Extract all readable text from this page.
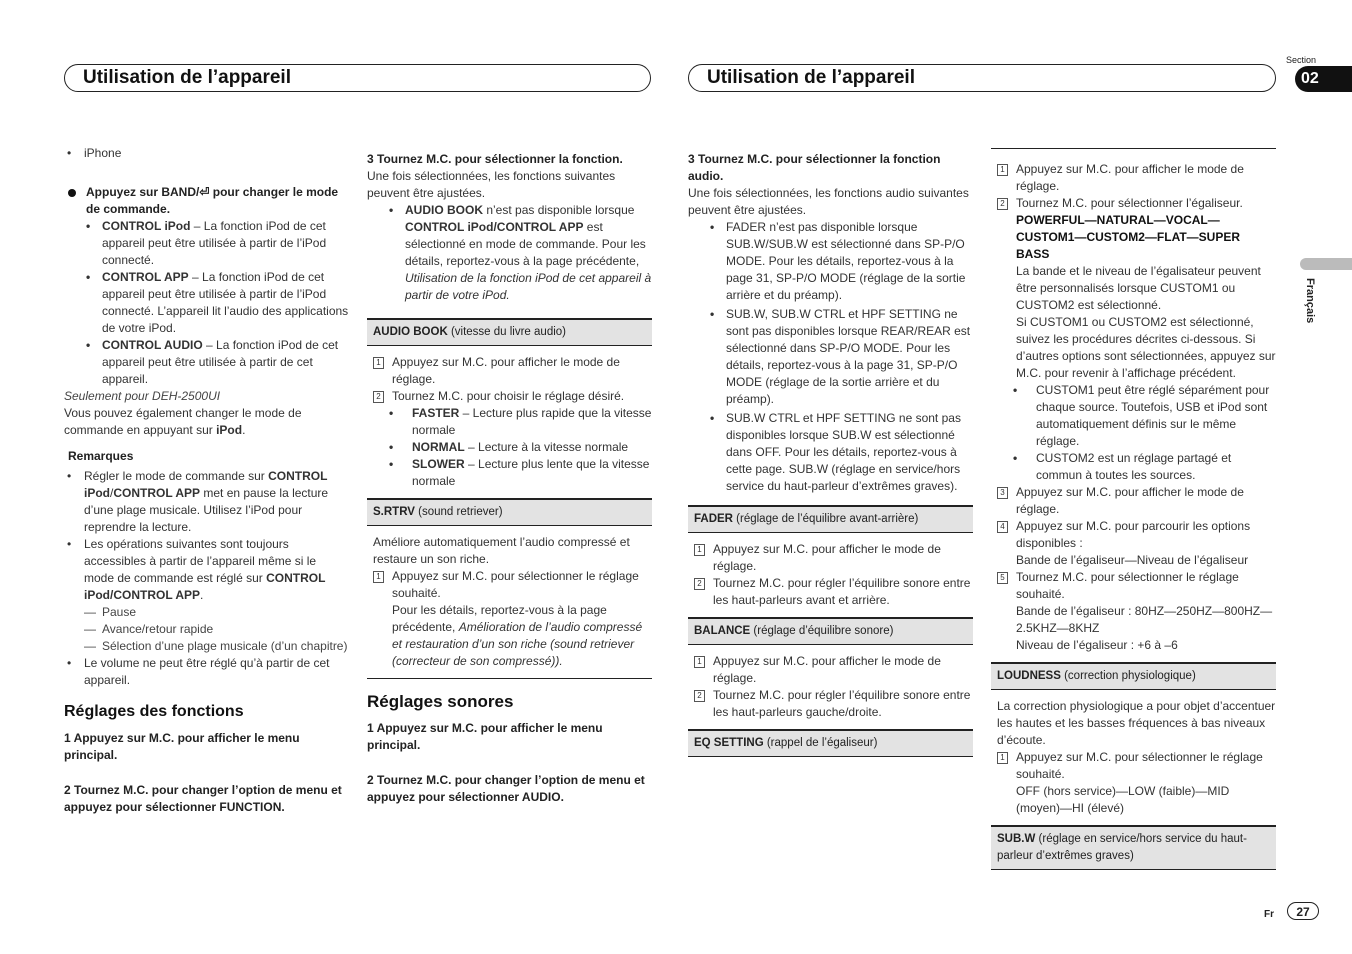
Utilisation de l’appareil	Utilisation de l’appareil
Section
02
Français
Fr	27

• iPhone

Appuyez sur BAND/⏎ pour changer le mode de commande.

• CONTROL iPod – La fonction iPod de cet appareil peut être utilisée à partir de l’iPod connecté.

• CONTROL APP – La fonction iPod de cet appareil peut être utilisée à partir de l’iPod connecté. L’appareil lit l’audio des applications de votre iPod.

• CONTROL AUDIO – La fonction iPod de cet appareil peut être utilisée à partir de cet appareil.

Seulement pour DEH-2500UI

Vous pouvez également changer le mode de commande en appuyant sur iPod.

Remarques

• Régler le mode de commande sur CONTROL iPod/CONTROL APP met en pause la lecture d’une plage musicale. Utilisez l’iPod pour reprendre la lecture.

• Les opérations suivantes sont toujours accessibles à partir de l’appareil même si le mode de commande est réglé sur CONTROL iPod/CONTROL APP.

— Pause

— Avance/retour rapide

— Sélection d’une plage musicale (d’un chapitre)

• Le volume ne peut être réglé qu’à partir de cet appareil.

Réglages des fonctions

1 Appuyez sur M.C. pour afficher le menu principal.

2 Tournez M.C. pour changer l’option de menu et appuyez pour sélectionner FUNCTION.

3 Tournez M.C. pour sélectionner la fonction.

Une fois sélectionnées, les fonctions suivantes peuvent être ajustées.

• AUDIO BOOK n’est pas disponible lorsque CONTROL iPod/CONTROL APP est sélectionné en mode de commande. Pour les détails, reportez-vous à la page précédente, Utilisation de la fonction iPod de cet appareil à partir de votre iPod.

AUDIO BOOK (vitesse du livre audio)

1 Appuyez sur M.C. pour afficher le mode de réglage.

2 Tournez M.C. pour choisir le réglage désiré.

• FASTER – Lecture plus rapide que la vitesse normale

• NORMAL – Lecture à la vitesse normale

• SLOWER – Lecture plus lente que la vitesse normale

S.RTRV (sound retriever)

Améliore automatiquement l’audio compressé et restaure un son riche.

1 Appuyez sur M.C. pour sélectionner le réglage souhaité.

Pour les détails, reportez-vous à la page précédente, Amélioration de l’audio compressé et restauration d’un son riche (sound retriever (correcteur de son compressé)).

Réglages sonores

1 Appuyez sur M.C. pour afficher le menu principal.

2 Tournez M.C. pour changer l’option de menu et appuyez pour sélectionner AUDIO.

3 Tournez M.C. pour sélectionner la fonction audio.

Une fois sélectionnées, les fonctions audio suivantes peuvent être ajustées.

• FADER n’est pas disponible lorsque SUB.W/SUB.W est sélectionné dans SP-P/O MODE. Pour les détails, reportez-vous à la page 31, SP-P/O MODE (réglage de la sortie arrière et du préamp).

• SUB.W, SUB.W CTRL et HPF SETTING ne sont pas disponibles lorsque REAR/REAR est sélectionné dans SP-P/O MODE. Pour les détails, reportez-vous à la page 31, SP-P/O MODE (réglage de la sortie arrière et du préamp).

• SUB.W CTRL et HPF SETTING ne sont pas disponibles lorsque SUB.W est sélectionné dans OFF. Pour les détails, reportez-vous à cette page. SUB.W (réglage en service/hors service du haut-parleur d’extrêmes graves).

FADER (réglage de l’équilibre avant-arrière)

1 Appuyez sur M.C. pour afficher le mode de réglage.

2 Tournez M.C. pour régler l’équilibre sonore entre les haut-parleurs avant et arrière.

BALANCE (réglage d’équilibre sonore)

1 Appuyez sur M.C. pour afficher le mode de réglage.

2 Tournez M.C. pour régler l’équilibre sonore entre les haut-parleurs gauche/droite.

EQ SETTING (rappel de l’égaliseur)

1 Appuyez sur M.C. pour afficher le mode de réglage.

2 Tournez M.C. pour sélectionner l’égaliseur.

POWERFUL—NATURAL—VOCAL—CUSTOM1—CUSTOM2—FLAT—SUPER BASS

La bande et le niveau de l’égalisateur peuvent être personnalisés lorsque CUSTOM1 ou CUSTOM2 est sélectionné.

Si CUSTOM1 ou CUSTOM2 est sélectionné, suivez les procédures décrites ci-dessous. Si d’autres options sont sélectionnées, appuyez sur M.C. pour revenir à l’affichage précédent.

• CUSTOM1 peut être réglé séparément pour chaque source. Toutefois, USB et iPod sont automatiquement définis sur le même réglage.

• CUSTOM2 est un réglage partagé et commun à toutes les sources.

3 Appuyez sur M.C. pour afficher le mode de réglage.

4 Appuyez sur M.C. pour parcourir les options disponibles :

Bande de l’égaliseur—Niveau de l’égaliseur

5 Tournez M.C. pour sélectionner le réglage souhaité.

Bande de l’égaliseur : 80HZ—250HZ—800HZ—2.5KHZ—8KHZ

Niveau de l’égaliseur : +6 à –6

LOUDNESS (correction physiologique)

La correction physiologique a pour objet d’accentuer les hautes et les basses fréquences à bas niveaux d’écoute.

1 Appuyez sur M.C. pour sélectionner le réglage souhaité.

OFF (hors service)—LOW (faible)—MID (moyen)—HI (élevé)

SUB.W (réglage en service/hors service du haut-parleur d’extrêmes graves)
